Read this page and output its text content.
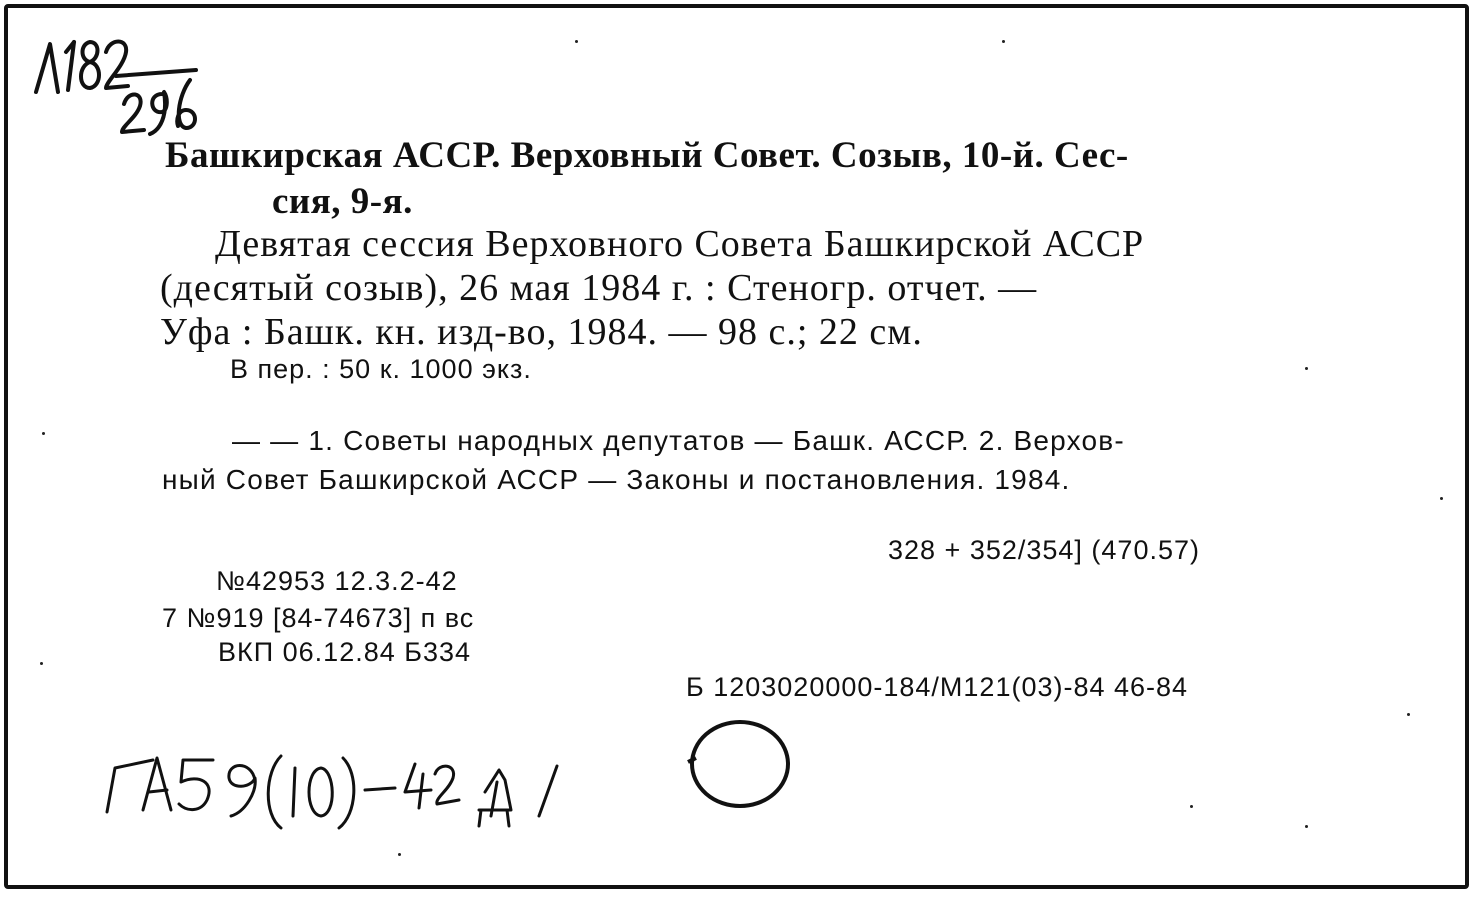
Башкирская АССР. Верховный Совет. Созыв, 10-й. Сес-
сия, 9-я.
Девятая сессия Верховного Совета Башкирской АССР
(десятый созыв), 26 мая 1984 г. : Стеногр. отчет. —
Уфа : Башк. кн. изд-во, 1984. — 98 с.; 22 см.
В пер. : 50 к. 1000 экз.
— — 1. Советы народных депутатов — Башк. АССР. 2. Верхов-
ный Совет Башкирской АССР — Законы и постановления. 1984.
328 + 352/354] (470.57)
№42953 12.3.2-42
7 №919 [84-74673] п вс
ВКП 06.12.84 Б334
Б 1203020000-184/М121(03)-84 46-84
